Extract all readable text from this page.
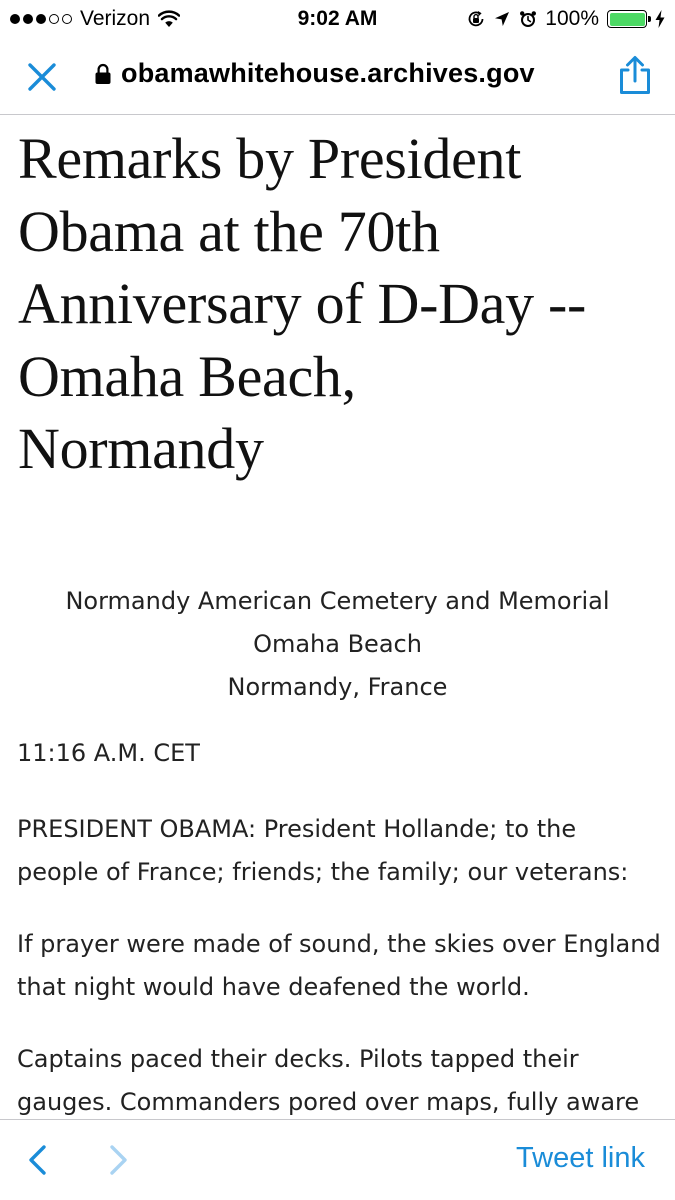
Verizon	9:02 AM	100%
obamawhitehouse.archives.gov
Remarks by President
Obama at the 70th
Anniversary of D-Day --
Omaha Beach,
Normandy
Normandy American Cemetery and Memorial
Omaha Beach
Normandy, France

11:16 A.M. CET

PRESIDENT OBAMA: President Hollande; to the people of France; friends; the family; our veterans:

If prayer were made of sound, the skies over England that night would have deafened the world.

Captains paced their decks. Pilots tapped their gauges. Commanders pored over maps, fully aware

Tweet link
